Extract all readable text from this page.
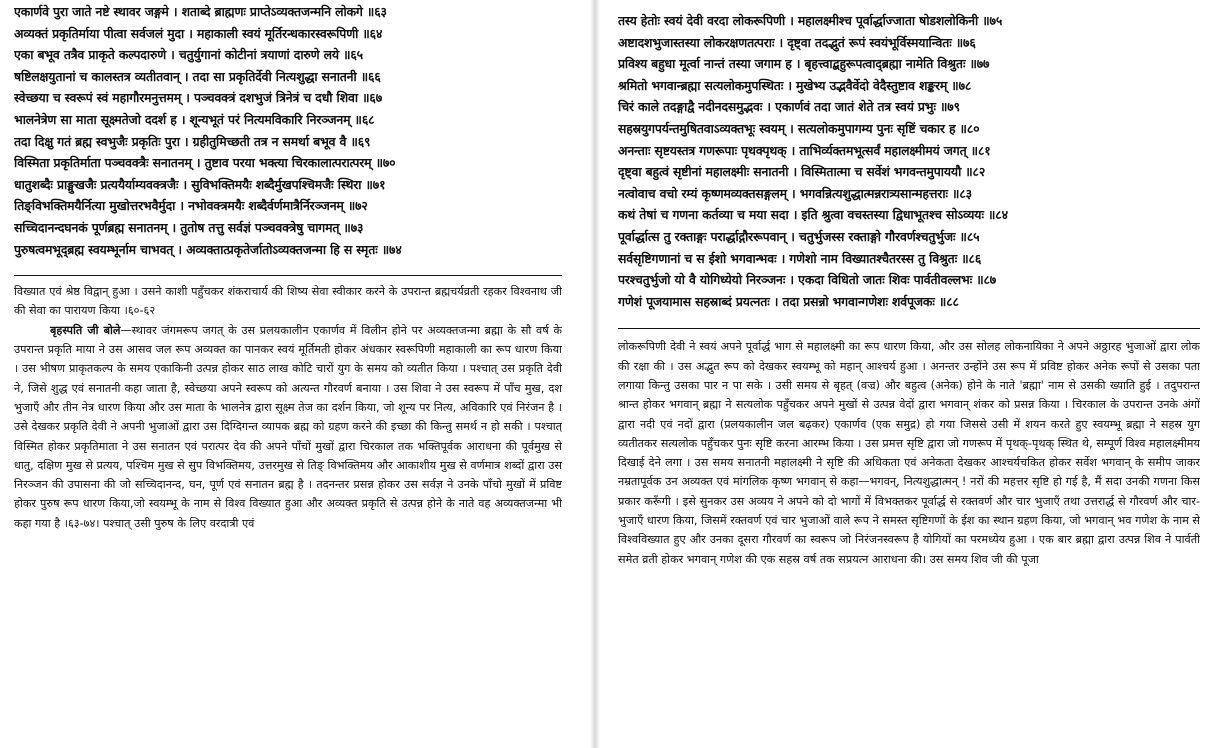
एकार्णवे पुरा जाते नष्टे स्थावर जङ्गमे । शताब्दे ब्राह्मणः प्राप्तेऽव्यक्तजन्मनि लोकगे ॥६३
अव्यक्तं प्रकृतिर्माया पीत्वा सर्वजलं मुदा । महाकाली स्वयं मूर्तिरन्धकारस्वरूपिणी ॥६४
एका बभूव तत्रैव प्राकृते कल्पदारुणे । चतुर्युगानां कोटीनां त्रयाणां दारुणे लये ॥६५
षष्टिलक्षयुतानां च कालस्तत्र व्यतीतवान् । तदा सा प्रकृतिर्देवी नित्यशुद्धा सनातनी ॥६६
स्वेच्छया च स्वरूपं स्वं महागौरमनुत्तमम् । पञ्चवक्त्रं दशभुजं त्रिनेत्रं च दधौ शिवा ॥६७
भालनेत्रेण सा माता सूक्ष्मतेजो ददर्श ह । शून्यभूतं परं नित्यमविकारि निरञ्जनम् ॥६८
तदा दिक्षु गतं ब्रह्म स्वभुजैः प्रकृतिः पुरा । ग्रहीतुमिच्छती तत्र न समर्था बभूव वै ॥६९
विस्मिता प्रकृतिर्माता पञ्चवक्त्रैः सनातनम् । तुष्टाव परया भक्त्या चिरकालात्परात्परम् ॥७०
धातुशब्दैः प्राङ्मुखजैः प्रत्ययैर्याम्यवक्त्रजैः । सुविभक्तिमयैः शब्दैर्मुखपश्चिमजैः स्थिरा ॥७१
तिङ्विभक्तिमयैर्नित्या मुखोत्तरभवैर्मुदा । नभोवक्त्रमयैः शब्दैर्वर्णमात्रैर्निरञ्जनम् ॥७२
सच्चिदानन्दघनकं पूर्णब्रह्म सनातनम् । तुतोष तत्तु सर्वज्ञं पञ्चवक्त्रेषु चागमत् ॥७३
पुरुषत्वमभूद्ब्रह्म स्वयम्भूर्नाम चाभवत् । अव्यक्तात्प्रकृतेर्जातोऽव्यक्तजन्मा हि स स्मृतः ॥७४

विख्यात एवं श्रेष्ठ विद्वान् हुआ । उसने काशी पहुँचकर शंकराचार्य की शिष्य सेवा स्वीकार करने के उपरान्त ब्रह्मचर्यव्रती रहकर विश्वनाथ जी की सेवा का पारायण किया ।६०-६२

बृहस्पति जी बोले—स्थावर जंगमरूप जगत् के उस प्रलयकालीन एकार्णव में विलीन होने पर अव्यक्तजन्मा ब्रह्मा के सौ वर्ष के उपरान्त प्रकृति माया ने उस आसव जल रूप अव्यक्त का पानकर स्वयं मूर्तिमती होकर अंधकार स्वरूपिणी महाकाली का रूप धारण किया । उस भीषण प्राकृतकल्प के समय एकाकिनी उत्पन्न होकर साठ लाख कोटि चारों युग के समय को व्यतीत किया । पश्चात् उस प्रकृति देवी ने, जिसे शुद्ध एवं सनातनी कहा जाता है, स्वेच्छया अपने स्वरूप को अत्यन्त गौरवर्ण बनाया । उस शिवा ने उस स्वरूप में पाँच मुख, दश भुजाएँ और तीन नेत्र धारण किया और उस माता के भालनेत्र द्वारा सूक्ष्म तेज का दर्शन किया, जो शून्य पर नित्य, अविकारि एवं निरंजन है । उसे देखकर प्रकृति देवी ने अपनी भुजाओं द्वारा उस दिग्दिगन्त व्यापक ब्रह्म को ग्रहण करने की इच्छा की किन्तु समर्थ न हो सकी । पश्चात् विस्मित होकर प्रकृतिमाता ने उस सनातन एवं परात्पर देव की अपने पाँचों मुखों द्वारा चिरकाल तक भक्तिपूर्वक आराधना की पूर्वमुख से धातु, दक्षिण मुख से प्रत्यय, पश्चिम मुख से सुप विभक्तिमय, उत्तरमुख से तिङ् विभक्तिमय और आकाशीय मुख से वर्णमात्र शब्दों द्वारा उस निरञ्जन की उपासना की जो सच्चिदानन्द, घन, पूर्ण एवं सनातन ब्रह्म है । तदनन्तर प्रसन्न होकर उस सर्वज्ञ ने उनके पाँचो मुखों में प्रविष्ट होकर पुरुष रूप धारण किया,जो स्वयम्भू के नाम से विश्व विख्यात हुआ और अव्यक्त प्रकृति से उत्पन्न होने के नाते वह अव्यक्तजन्मा भी कहा गया है ।६३-७४। पश्चात् उसी पुरुष के लिए वरदात्री एवं

तस्य हेतोः स्वयं देवी वरदा लोकरूपिणी । महालक्ष्मीश्च पूर्वार्द्धाज्जाता षोडशलोकिनी ॥७५
अष्टादशभुजास्तस्या लोकरक्षणतत्पराः । दृष्ट्वा तदद्भुतं रूपं स्वयंभूर्विस्मयान्वितः ॥७६
प्रविश्य बहुधा मूर्त्वा नान्तं तस्या जगाम ह । बृहत्त्वाद्बहुरूपत्वाद्ब्रह्मा नामेति विश्रुतः ॥७७
श्रमितो भगवान्ब्रह्मा सत्यलोकमुपस्थितः । मुखेभ्य उद्भवैर्वेदो वेदैस्तुष्टाव शङ्करम् ॥७८
चिरं काले तदङ्गाद्वै नदीनदसमुद्भवः । एकार्णवं तदा जातं शेते तत्र स्वयं प्रभुः ॥७९
सहस्रयुगपर्यन्तमुषितवाऽव्यक्तभूः स्वयम् । सत्यलोकमुपागम्य पुनः सृष्टिं चकार ह ॥८०
अनन्ताः सृष्टयस्तत्र गणरूपाः पृथक्पृथक् । ताभिर्व्यक्तमभूत्सर्वं महालक्ष्मीमयं जगत् ॥८१
दृष्ट्वा बहुत्वं सृष्टीनां महालक्ष्मीः सनातनी । विस्मितात्मा च सर्वेशं भगवन्तमुपाययौ ॥८२
नत्वोवाच वचो रम्यं कृष्णमव्यक्तसङ्गलम् । भगवन्नित्यशुद्धात्मन्नरात्र्यसान्महत्तराः ॥८३
कथं तेषां च गणना कर्तव्या च मया सदा । इति श्रुत्वा वचस्तस्या द्विधाभूतश्च सोऽव्ययः ॥८४
पूर्वार्द्धात्स तु रक्ताङ्गः परार्द्धाद्गौररूपवान् । चतुर्भुजस्स रक्ताङ्गो गौरवर्णश्चतुर्भुजः ॥८५
सर्वसृष्टिगणानां च स ईशो भगवान्भवः । गणेशो नाम विख्यातश्चैतरस्स तु विश्रुतः ॥८६
परश्चतुर्भुजो यो वै योगिध्येयो निरञ्जनः । एकदा विधितो जातः शिवः पार्वतीवल्लभः ॥८७
गणेशं पूजयामास सहस्राब्दं प्रयत्नतः । तदा प्रसन्नो भगवान्गणेशः शर्वपूजकः ॥८८

लोकरूपिणी देवी ने स्वयं अपने पूर्वार्द्ध भाग से महालक्ष्मी का रूप धारण किया, और उस सोलह लोकनायिका ने अपने अठ्ठारह भुजाओं द्वारा लोक की रक्षा की । उस अद्भुत रूप को देखकर स्वयम्भू को महान् आश्चर्य हुआ । अनन्तर उन्होंने उस रूप में प्रविष्ट होकर अनेक रूपों से उसका पता लगाया किन्तु उसका पार न पा सके । उसी समय से बृहत् (वज्र) और बहुत्व (अनेक) होने के नाते 'ब्रह्मा' नाम से उसकी ख्याति हुई । तदुपरान्त श्रान्त होकर भगवान् ब्रह्मा ने सत्यलोक पहुँचकर अपने मुखों से उत्पन्न वेदों द्वारा भगवान् शंकर को प्रसन्न किया । चिरकाल के उपरान्त उनके अंगों द्वारा नदी एवं नदों द्वारा (प्रलयकालीन जल बढ़कर) एकार्णव (एक समुद्र) हो गया जिससे उसी में शयन करते हुए स्वयम्भू ब्रह्मा ने सहस्र युग व्यतीतकर सत्यलोक पहुँचकर पुनः सृष्टि करना आरम्भ किया । उस प्रमत्त सृष्टि द्वारा जो गणरूप में पृथक्-पृथक् स्थित थे, सम्पूर्ण विश्व महालक्ष्मीमय दिखाई देने लगा । उस समय सनातनी महालक्ष्मी ने सृष्टि की अधिकता एवं अनेकता देखकर आश्चर्यचकित होकर सर्वेश भगवान् के समीप जाकर नम्रतापूर्वक उन अव्यक्त एवं मांगलिक कृष्ण भगवान् से कहा—भगवन्, नित्यशुद्धात्मन् ! नरों की महत्तर सृष्टि हो गई है, मैं सदा उनकी गणना किस प्रकार करूँगी । इसे सुनकर उस अव्यय ने अपने को दो भागों में विभक्तकर पूर्वार्द्ध से रक्तवर्ण और चार भुजाएँ तथा उत्तरार्द्ध से गौरवर्ण और चार-भुजाएँ धारण किया, जिसमें रक्तवर्ण एवं चार भुजाओं वाले रूप ने समस्त सृष्टिगणों के ईश का स्थान ग्रहण किया, जो भगवान् भव गणेश के नाम से विश्वविख्यात हुए और उनका दूसरा गौरवर्ण का स्वरूप जो निरंजनस्वरूप है योगियों का परमध्येय हुआ । एक बार ब्रह्मा द्वारा उत्पन्न शिव ने पार्वती समेत व्रती होकर भगवान् गणेश की एक सहस्र वर्ष तक सप्रयत्न आराधना की। उस समय शिव जी की पूजा
